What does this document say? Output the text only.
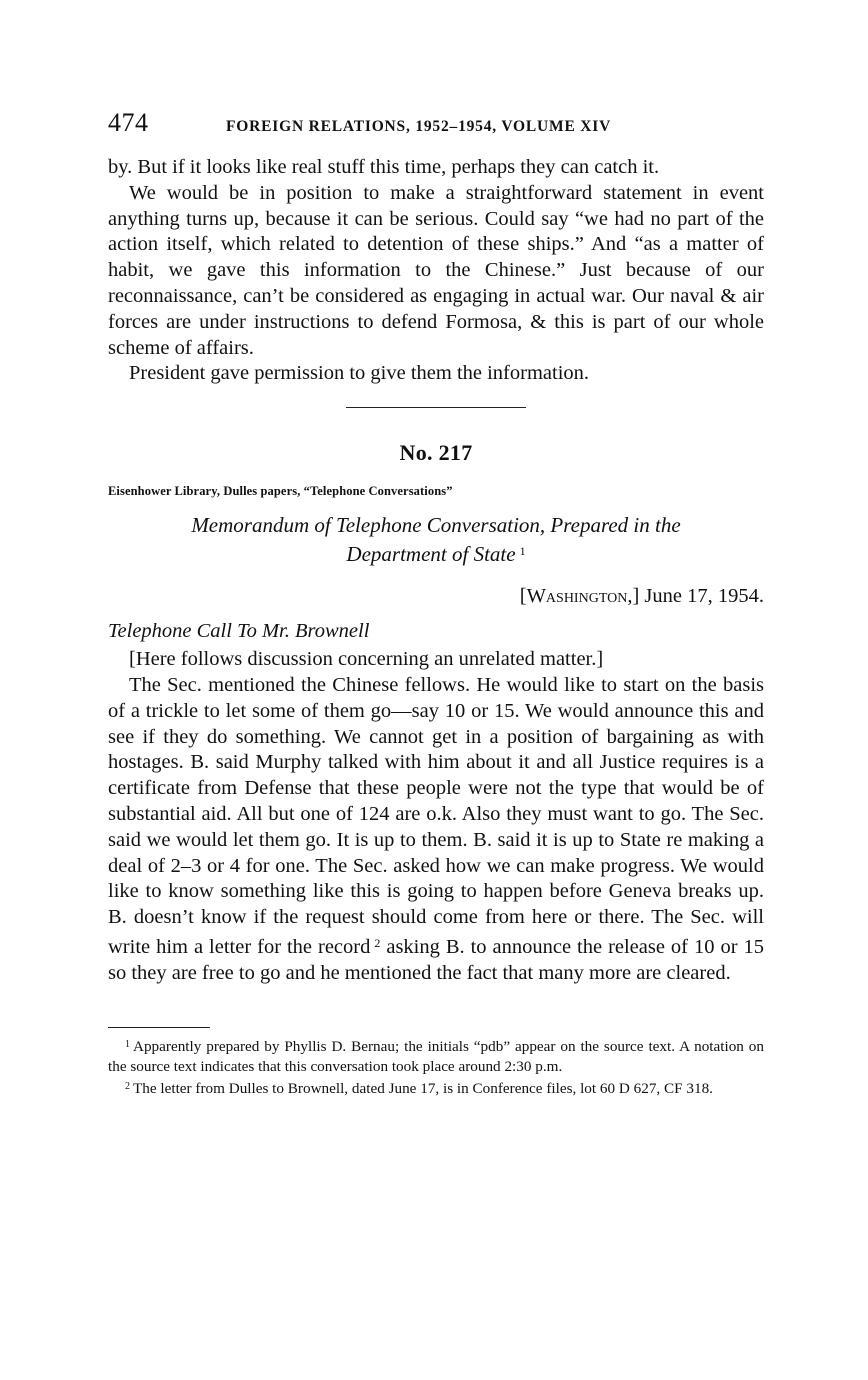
474	FOREIGN RELATIONS, 1952–1954, VOLUME XIV

by. But if it looks like real stuff this time, perhaps they can catch it.

We would be in position to make a straightforward statement in event anything turns up, because it can be serious. Could say “we had no part of the action itself, which related to detention of these ships.” And “as a matter of habit, we gave this information to the Chinese.” Just because of our reconnaissance, can’t be considered as engaging in actual war. Our naval & air forces are under instructions to defend Formosa, & this is part of our whole scheme of affairs.

President gave permission to give them the information.

No. 217
Eisenhower Library, Dulles papers, “Telephone Conversations”
Memorandum of Telephone Conversation, Prepared in the
Department of State $^1$
[Washington,] June 17, 1954.
Telephone Call To Mr. Brownell

[Here follows discussion concerning an unrelated matter.]

The Sec. mentioned the Chinese fellows. He would like to start on the basis of a trickle to let some of them go—say 10 or 15. We would announce this and see if they do something. We cannot get in a position of bargaining as with hostages. B. said Murphy talked with him about it and all Justice requires is a certificate from Defense that these people were not the type that would be of substantial aid. All but one of 124 are o.k. Also they must want to go. The Sec. said we would let them go. It is up to them. B. said it is up to State re making a deal of 2–3 or 4 for one. The Sec. asked how we can make progress. We would like to know something like this is going to happen before Geneva breaks up. B. doesn’t know if the request should come from here or there. The Sec. will write him a letter for the record $^2$ asking B. to announce the release of 10 or 15 so they are free to go and he mentioned the fact that many more are cleared.

$^1$ Apparently prepared by Phyllis D. Bernau; the initials “pdb” appear on the source text. A notation on the source text indicates that this conversation took place around 2:30 p.m.

$^2$ The letter from Dulles to Brownell, dated June 17, is in Conference files, lot 60 D 627, CF 318.
